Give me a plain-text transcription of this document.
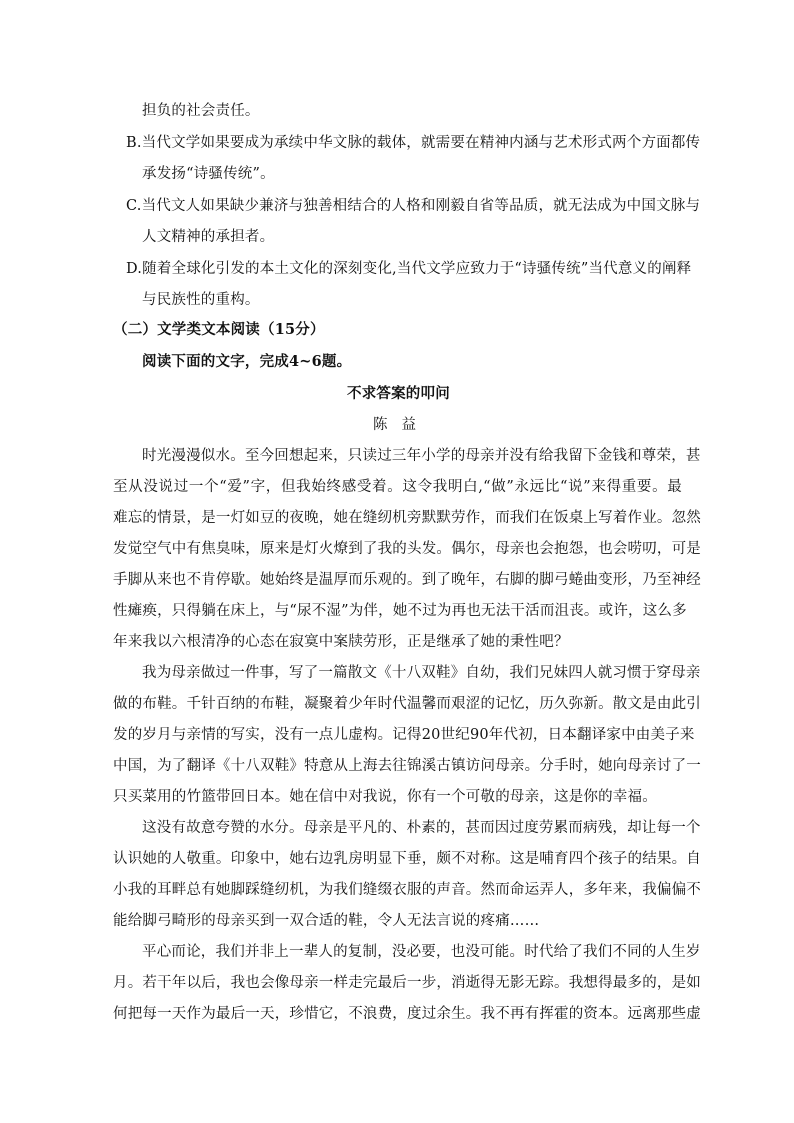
担负的社会责任。
B.当代文学如果要成为承续中华文脉的载体，就需要在精神内涵与艺术形式两个方面都传
承发扬“诗骚传统”。
C.当代文人如果缺少兼济与独善相结合的人格和刚毅自省等品质，就无法成为中国文脉与
人文精神的承担者。
D.随着全球化引发的本土文化的深刻变化,当代文学应致力于“诗骚传统”当代意义的阐释
与民族性的重构。
（二）文学类文本阅读（15分）
阅读下面的文字，完成4~6题。
不求答案的叩问
陈益
时光漫漫似水。至今回想起来，只读过三年小学的母亲并没有给我留下金钱和尊荣，甚
至从没说过一个“爱”字，但我始终感受着。这令我明白,“做”永远比“说”来得重要。最
难忘的情景，是一灯如豆的夜晚，她在缝纫机旁默默劳作，而我们在饭桌上写着作业。忽然
发觉空气中有焦臭味，原来是灯火燎到了我的头发。偶尔，母亲也会抱怨，也会唠叨，可是
手脚从来也不肯停歇。她始终是温厚而乐观的。到了晚年，右脚的脚弓蜷曲变形，乃至神经
性瘫痪，只得躺在床上，与“尿不湿”为伴，她不过为再也无法干活而沮丧。或许，这么多
年来我以六根清净的心态在寂寞中案牍劳形，正是继承了她的秉性吧？
我为母亲做过一件事，写了一篇散文《十八双鞋》自幼，我们兄妹四人就习惯于穿母亲
做的布鞋。千针百纳的布鞋，凝聚着少年时代温馨而艰涩的记忆，历久弥新。散文是由此引
发的岁月与亲情的写实，没有一点儿虚构。记得20世纪90年代初，日本翻译家中由美子来
中国，为了翻译《十八双鞋》特意从上海去往锦溪古镇访问母亲。分手时，她向母亲讨了一
只买菜用的竹篮带回日本。她在信中对我说，你有一个可敬的母亲，这是你的幸福。
这没有故意夸赞的水分。母亲是平凡的、朴素的，甚而因过度劳累而病残，却让每一个
认识她的人敬重。印象中，她右边乳房明显下垂，颇不对称。这是哺育四个孩子的结果。自
小我的耳畔总有她脚踩缝纫机，为我们缝缀衣服的声音。然而命运弄人，多年来，我偏偏不
能给脚弓畸形的母亲买到一双合适的鞋，令人无法言说的疼痛……
平心而论，我们并非上一辈人的复制，没必要，也没可能。时代给了我们不同的人生岁
月。若干年以后，我也会像母亲一样走完最后一步，消逝得无影无踪。我想得最多的，是如
何把每一天作为最后一天，珍惜它，不浪费，度过余生。我不再有挥霍的资本。远离那些虚
